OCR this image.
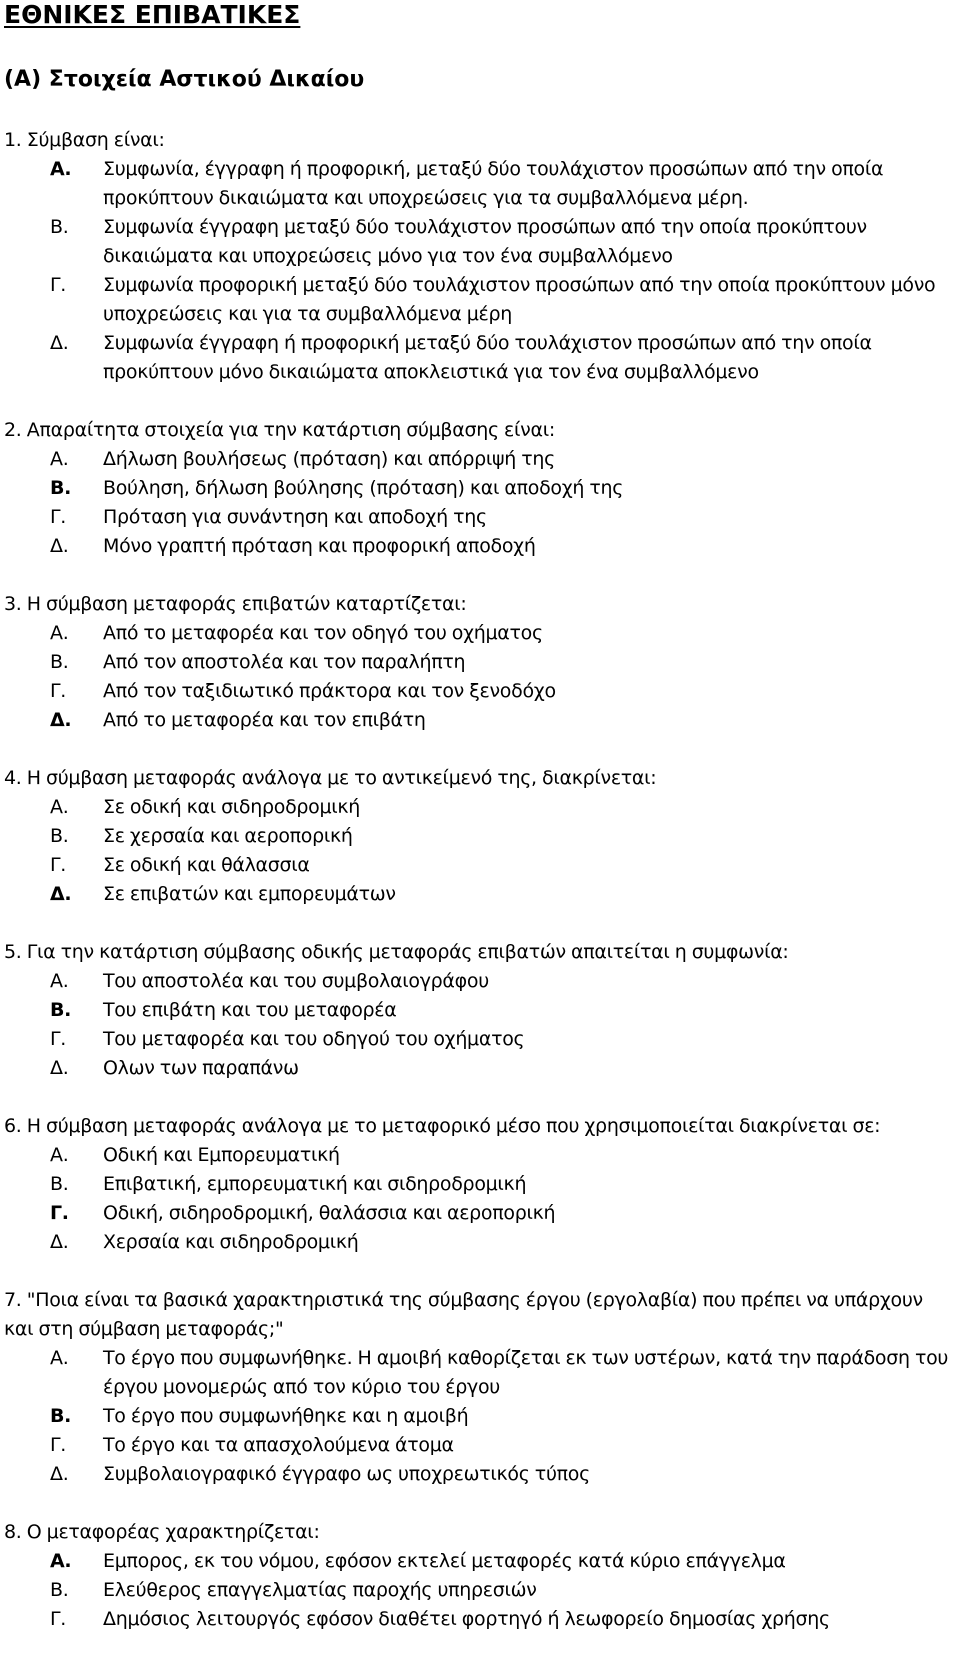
ΕΘΝΙΚΕΣ ΕΠΙΒΑΤΙΚΕΣ
(Α) Στοιχεία Αστικού Δικαίου
1. Σύμβαση είναι:
Α.	Συμφωνία, έγγραφη ή προφορική, μεταξύ δύο τουλάχιστον προσώπων από την οποία προκύπτουν δικαιώματα και υποχρεώσεις για τα συμβαλλόμενα μέρη.
Β.	Συμφωνία έγγραφη μεταξύ δύο τουλάχιστον προσώπων από την οποία προκύπτουν δικαιώματα και υποχρεώσεις μόνο για τον ένα συμβαλλόμενο
Γ.	Συμφωνία προφορική μεταξύ δύο τουλάχιστον προσώπων από την οποία προκύπτουν μόνο υποχρεώσεις και για τα συμβαλλόμενα μέρη
Δ.	Συμφωνία έγγραφη ή προφορική μεταξύ δύο τουλάχιστον προσώπων από την οποία προκύπτουν μόνο δικαιώματα αποκλειστικά για τον ένα συμβαλλόμενο
2. Απαραίτητα στοιχεία για την κατάρτιση σύμβασης είναι:
Α.	Δήλωση βουλήσεως (πρόταση) και απόρριψή της
Β.	Βούληση, δήλωση βούλησης (πρόταση) και αποδοχή της
Γ.	Πρόταση για συνάντηση και αποδοχή της
Δ.	Μόνο γραπτή πρόταση και προφορική αποδοχή
3. Η σύμβαση μεταφοράς επιβατών καταρτίζεται:
Α.	Από το μεταφορέα και τον οδηγό του οχήματος
Β.	Από τον αποστολέα και τον παραλήπτη
Γ.	Από τον ταξιδιωτικό πράκτορα και τον ξενοδόχο
Δ.	Από το μεταφορέα και τον επιβάτη
4. Η σύμβαση μεταφοράς ανάλογα με το αντικείμενό της, διακρίνεται:
Α.	Σε οδική και σιδηροδρομική
Β.	Σε χερσαία και αεροπορική
Γ.	Σε οδική και θάλασσια
Δ.	Σε επιβατών και εμπορευμάτων
5. Για την κατάρτιση σύμβασης οδικής μεταφοράς επιβατών απαιτείται η συμφωνία:
Α.	Του αποστολέα και του συμβολαιογράφου
Β.	Του επιβάτη και του μεταφορέα
Γ.	Του μεταφορέα και του οδηγού του οχήματος
Δ.	Ολων των παραπάνω
6. Η σύμβαση μεταφοράς ανάλογα με το μεταφορικό μέσο που χρησιμοποιείται διακρίνεται σε:
Α.	Οδική και Εμπορευματική
Β.	Επιβατική, εμπορευματική και σιδηροδρομική
Γ.	Οδική, σιδηροδρομική, θαλάσσια και αεροπορική
Δ.	Χερσαία και σιδηροδρομική
7. "Ποια είναι τα βασικά χαρακτηριστικά της σύμβασης έργου (εργολαβία) που πρέπει να υπάρχουν και στη σύμβαση μεταφοράς;"
Α.	Το έργο που συμφωνήθηκε. Η αμοιβή καθορίζεται εκ των υστέρων, κατά την παράδοση του έργου μονομερώς από τον κύριο του έργου
Β.	Το έργο που συμφωνήθηκε και η αμοιβή
Γ.	Το έργο και τα απασχολούμενα άτομα
Δ.	Συμβολαιογραφικό έγγραφο ως υποχρεωτικός τύπος
8. Ο μεταφορέας χαρακτηρίζεται:
Α.	Εμπορος, εκ του νόμου, εφόσον εκτελεί μεταφορές κατά κύριο επάγγελμα
Β.	Ελεύθερος επαγγελματίας παροχής υπηρεσιών
Γ.	Δημόσιος λειτουργός εφόσον διαθέτει φορτηγό ή λεωφορείο δημοσίας χρήσης
